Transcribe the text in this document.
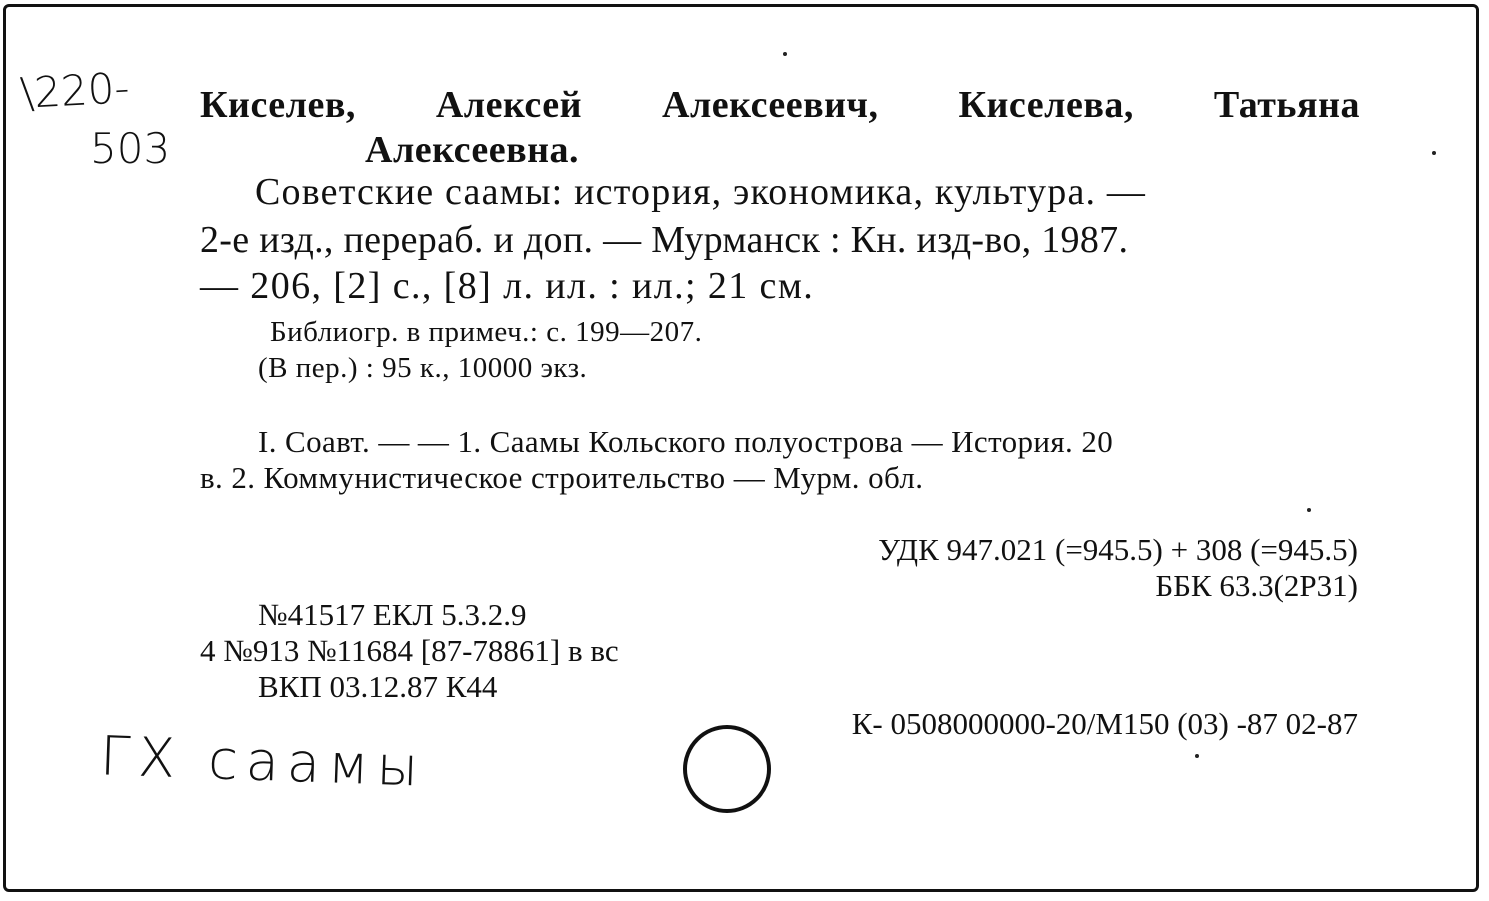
\220-
503
Киселев, Алексей Алексеевич, Киселева, Татьяна
Алексеевна.
Советские саамы: история, экономика, культура. —
2-е изд., перераб. и доп. — Мурманск : Кн. изд-во, 1987.
— 206, [2] с., [8] л. ил. : ил.; 21 см.
Библиогр. в примеч.: с. 199—207.
(В пер.) : 95 к., 10000 экз.
I. Соавт. — — 1. Саамы Кольского полуострова — История. 20
в. 2. Коммунистическое строительство — Мурм. обл.
УДК 947.021 (=945.5) + 308 (=945.5)
ББК 63.3(2Р31)
№41517 ЕКЛ 5.3.2.9
4 №913 №11684 [87-78861] в вс
ВКП 03.12.87 К44
К- 0508000000-20/М150 (03) -87 02-87
ГХ саамы
